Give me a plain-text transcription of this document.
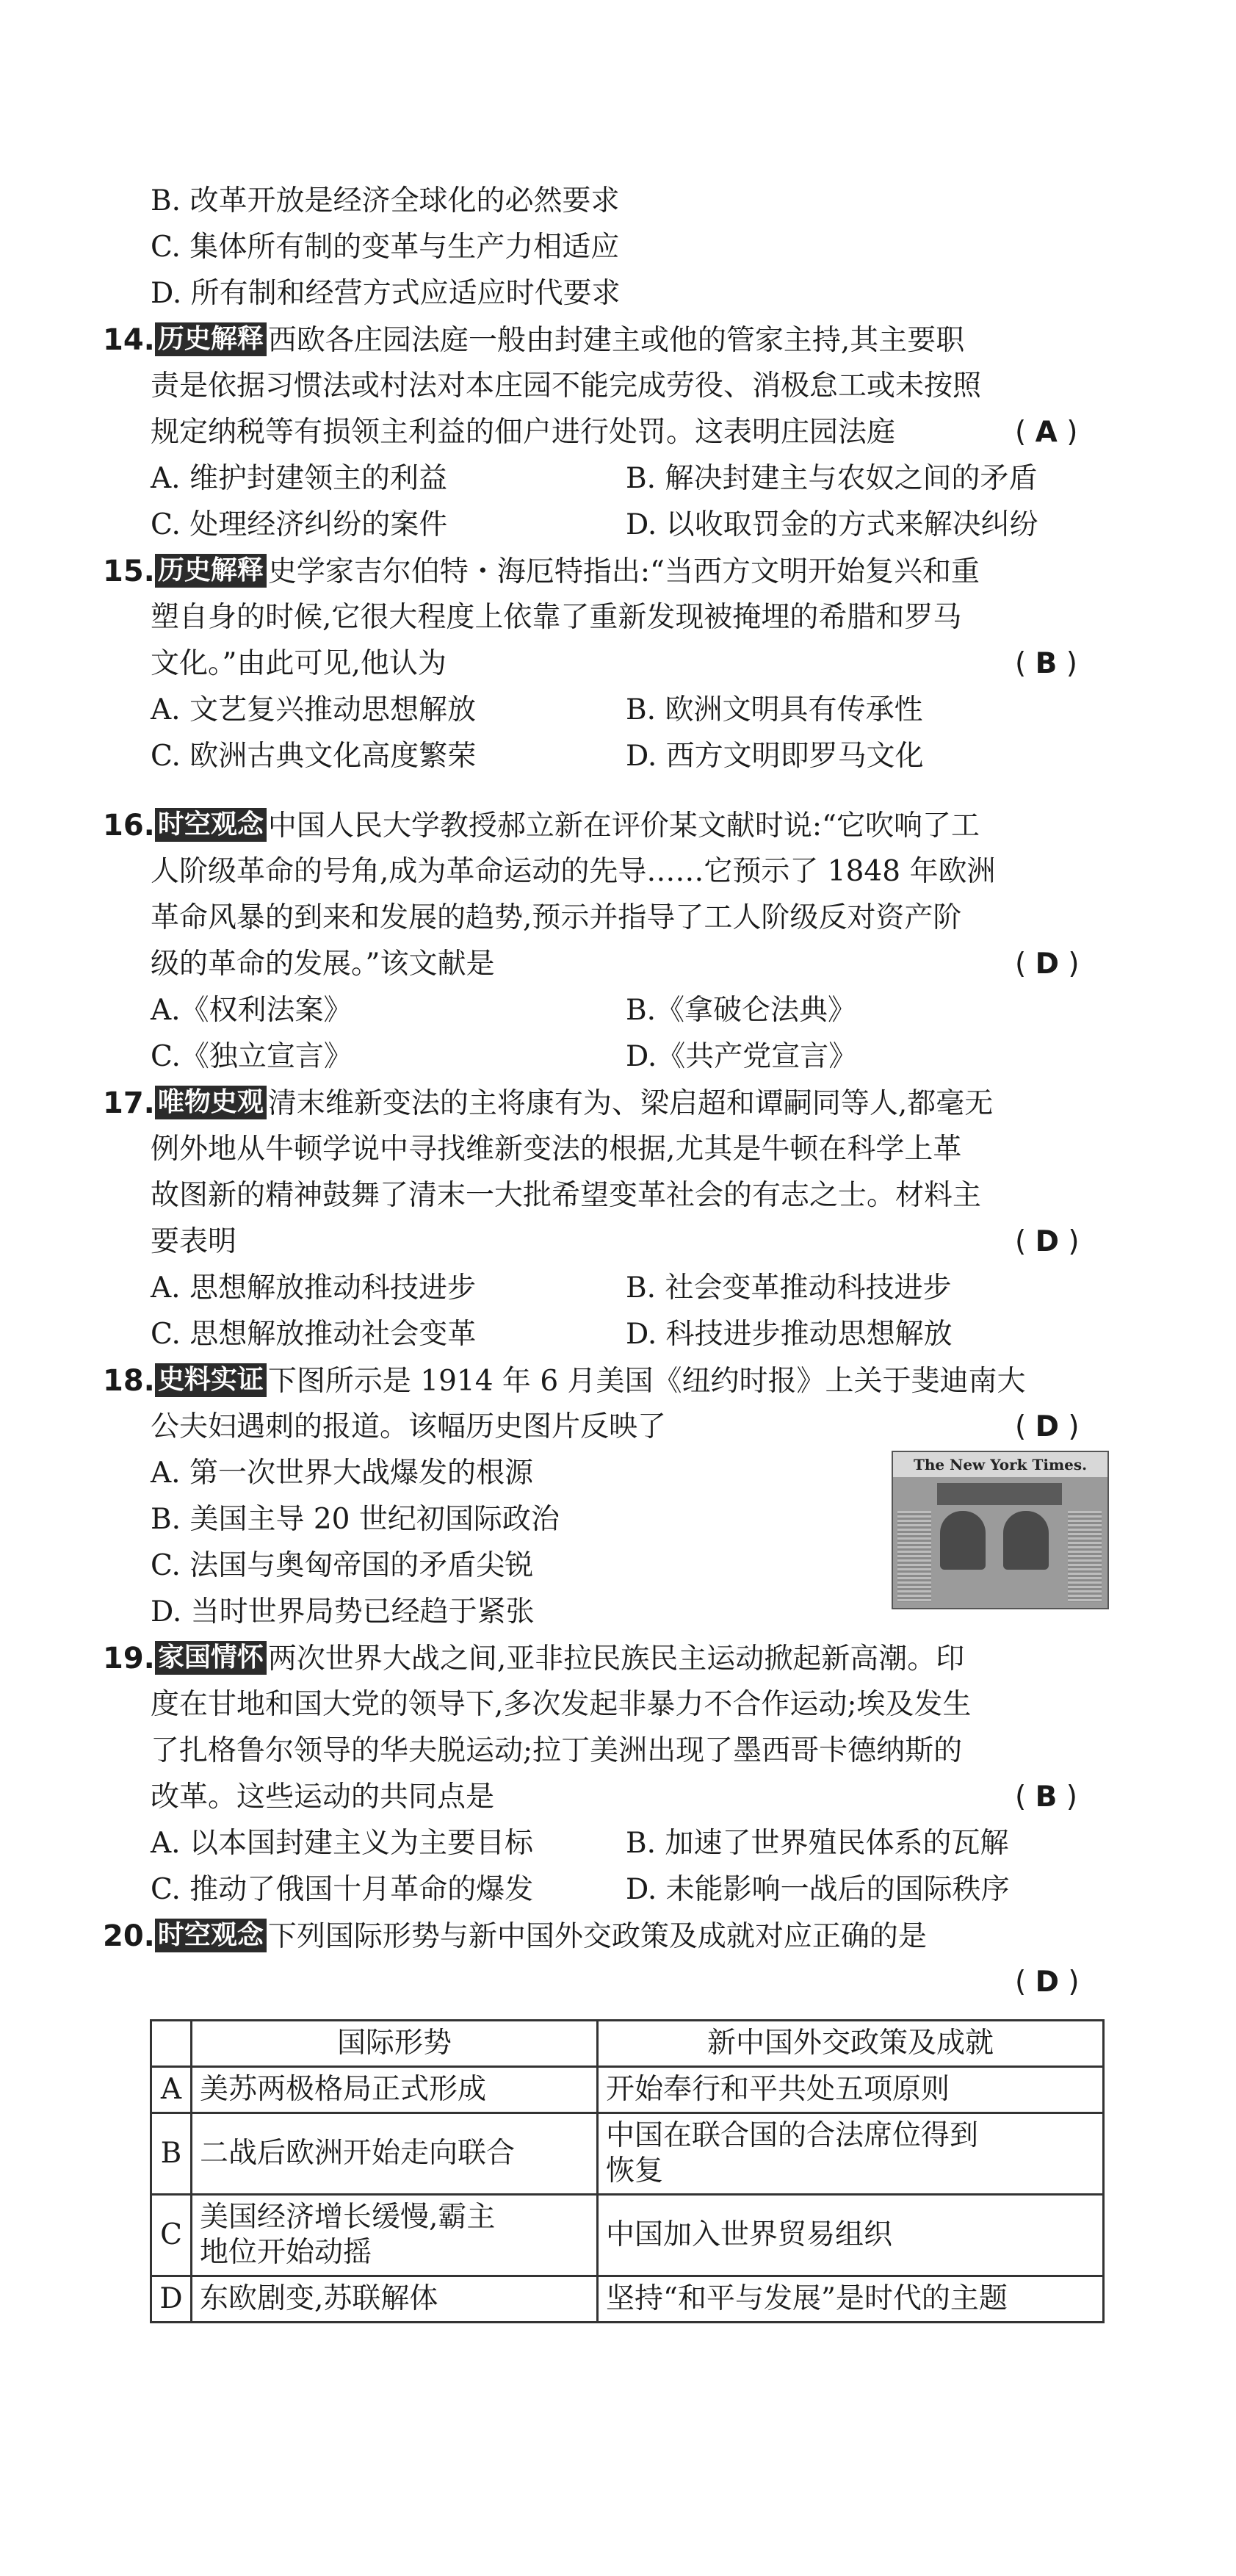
B. 改革开放是经济全球化的必然要求
C. 集体所有制的变革与生产力相适应
D. 所有制和经营方式应适应时代要求
14. 历史解释 西欧各庄园法庭一般由封建主或他的管家主持,其主要职
责是依据习惯法或村法对本庄园不能完成劳役、消极怠工或未按照
规定纳税等有损领主利益的佃户进行处罚。这表明庄园法庭	( A )
A. 维护封建领主的利益	B. 解决封建主与农奴之间的矛盾
C. 处理经济纠纷的案件	D. 以收取罚金的方式来解决纠纷
15. 历史解释 史学家吉尔伯特・海厄特指出:“当西方文明开始复兴和重
塑自身的时候,它很大程度上依靠了重新发现被掩埋的希腊和罗马
文化。”由此可见,他认为	( B )
A. 文艺复兴推动思想解放	B. 欧洲文明具有传承性
C. 欧洲古典文化高度繁荣	D. 西方文明即罗马文化
16. 时空观念 中国人民大学教授郝立新在评价某文献时说:“它吹响了工
人阶级革命的号角,成为革命运动的先导……它预示了 1848 年欧洲
革命风暴的到来和发展的趋势,预示并指导了工人阶级反对资产阶
级的革命的发展。”该文献是	( D )
A.《权利法案》	B.《拿破仑法典》
C.《独立宣言》	D.《共产党宣言》
17. 唯物史观 清末维新变法的主将康有为、梁启超和谭嗣同等人,都毫无
例外地从牛顿学说中寻找维新变法的根据,尤其是牛顿在科学上革
故图新的精神鼓舞了清末一大批希望变革社会的有志之士。材料主
要表明	( D )
A. 思想解放推动科技进步	B. 社会变革推动科技进步
C. 思想解放推动社会变革	D. 科技进步推动思想解放
18. 史料实证 下图所示是 1914 年 6 月美国《纽约时报》上关于斐迪南大
公夫妇遇刺的报道。该幅历史图片反映了	( D )
A. 第一次世界大战爆发的根源
B. 美国主导 20 世纪初国际政治
C. 法国与奥匈帝国的矛盾尖锐
D. 当时世界局势已经趋于紧张
The New York Times.
19. 家国情怀 两次世界大战之间,亚非拉民族民主运动掀起新高潮。印
度在甘地和国大党的领导下,多次发起非暴力不合作运动;埃及发生
了扎格鲁尔领导的华夫脱运动;拉丁美洲出现了墨西哥卡德纳斯的
改革。这些运动的共同点是	( B )
A. 以本国封建主义为主要目标	B. 加速了世界殖民体系的瓦解
C. 推动了俄国十月革命的爆发	D. 未能影响一战后的国际秩序
20. 时空观念 下列国际形势与新中国外交政策及成就对应正确的是
( D )
	国际形势	新中国外交政策及成就
A	美苏两极格局正式形成	开始奉行和平共处五项原则

B	二战后欧洲开始走向联合	中国在联合国的合法席位得到
恢复

C	美国经济增长缓慢,霸主
地位开始动摇	中国加入世界贸易组织

D	东欧剧变,苏联解体	坚持“和平与发展”是时代的主题
